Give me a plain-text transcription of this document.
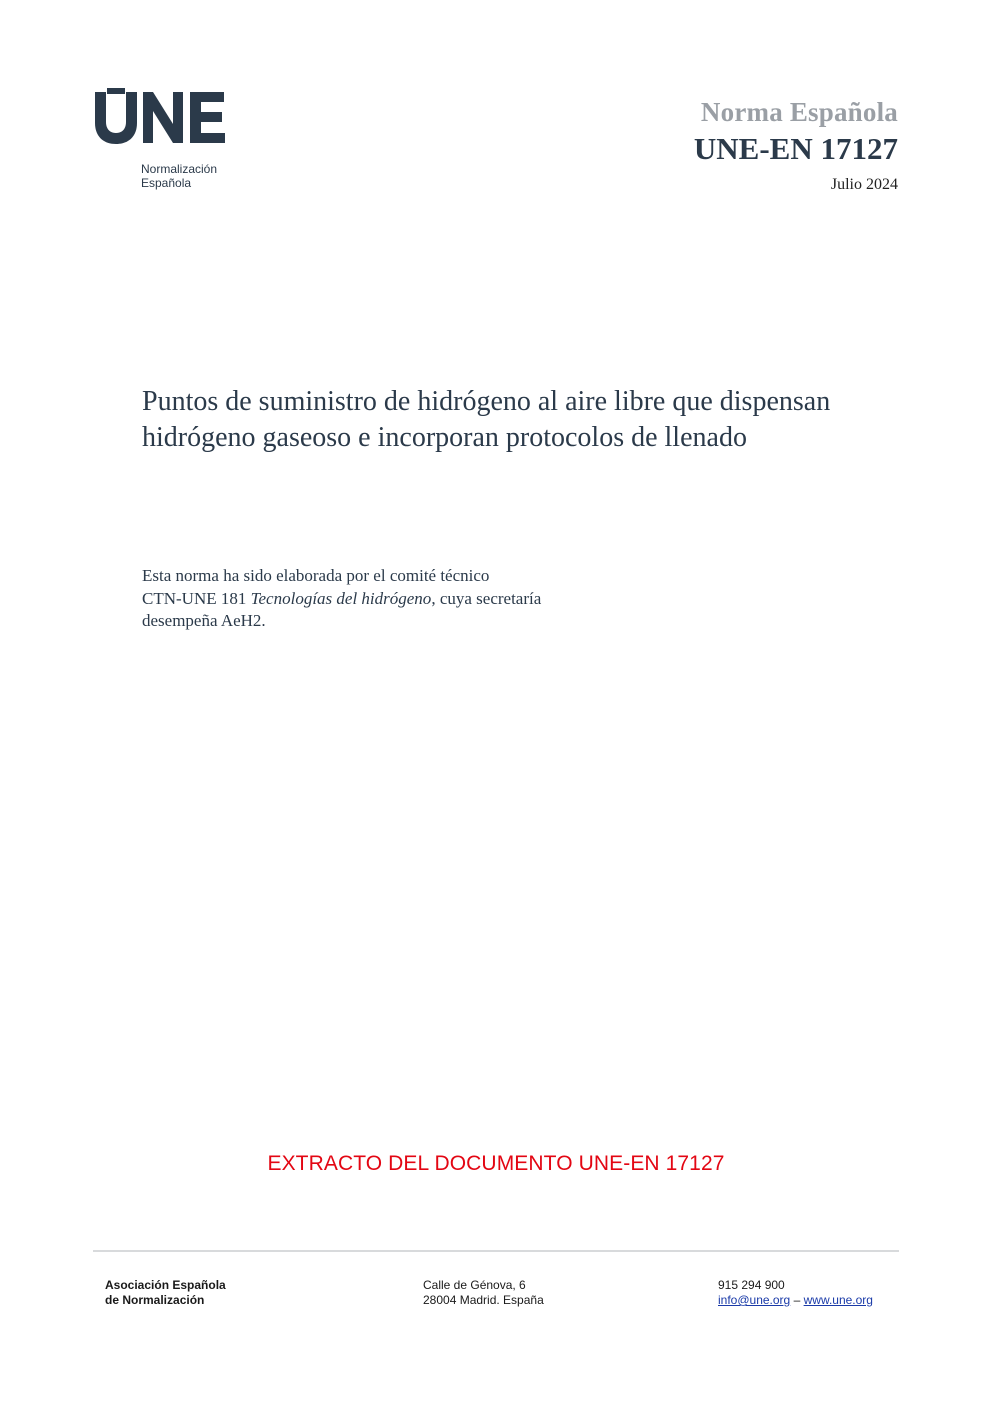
Normalización
Española
Norma Española
UNE-EN 17127
Julio 2024
Puntos de suministro de hidrógeno al aire libre que dispensan hidrógeno gaseoso e incorporan protocolos de llenado
Esta norma ha sido elaborada por el comité técnico
CTN-UNE 181 Tecnologías del hidrógeno, cuya secretaría
desempeña AeH2.
EXTRACTO DEL DOCUMENTO UNE-EN 17127
Asociación Española
de Normalización
Calle de Génova, 6
28004 Madrid. España
915 294 900
info@une.org – www.une.org
